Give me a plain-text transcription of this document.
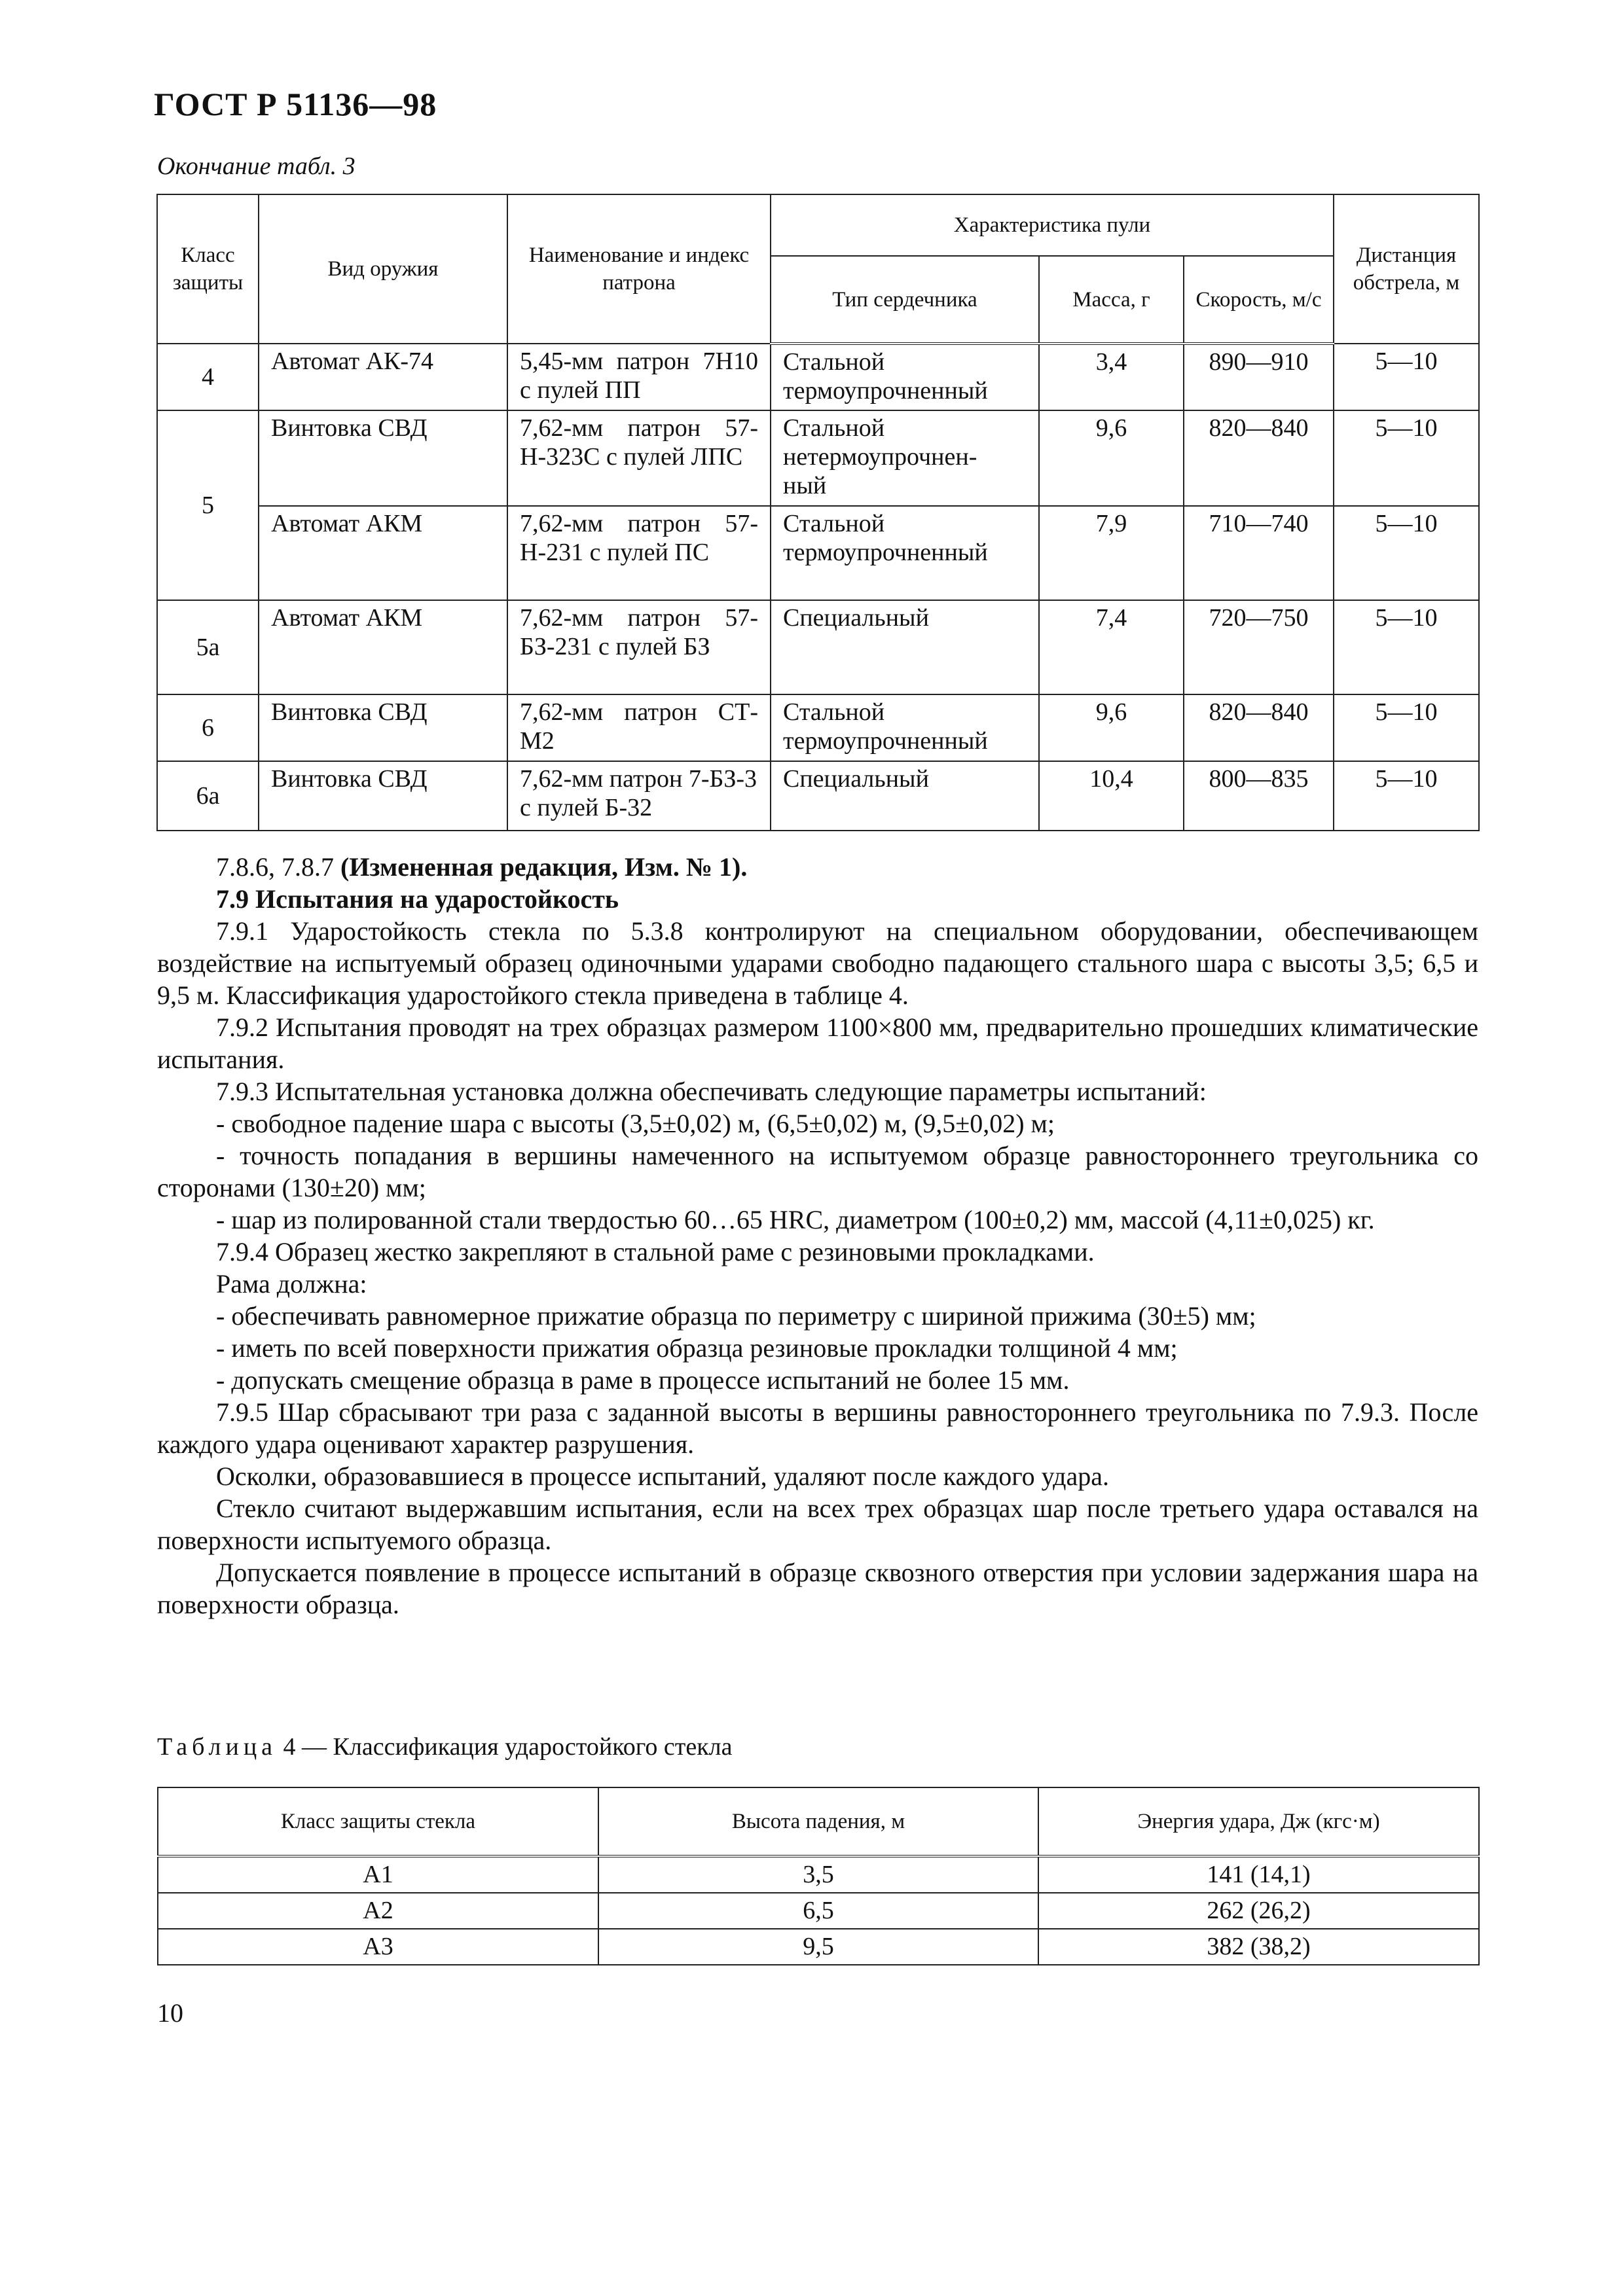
ГОСТ Р 51136—98
Окончание табл. 3
Класс защиты	Вид оружия	Наименование и индекс патрона	Характеристика пули			Дистанция обстрела, м
			Тип сердечника	Масса, г	Скорость, м/с	
4	Автомат АК-74	5,45-мм патрон 7Н10 с пулей ПП	Стальной термоупрочненный	3,4	890—910	5—10
5	Винтовка СВД	7,62-мм патрон 57-Н-323С с пулей ЛПС	Стальной нетермоупрочнен- ный	9,6	820—840	5—10
	Автомат АКМ	7,62-мм патрон 57-Н-231 с пулей ПС	Стальной термоупрочненный	7,9	710—740	5—10
5а	Автомат АКМ	7,62-мм патрон 57-БЗ-231 с пулей БЗ	Специальный	7,4	720—750	5—10
6	Винтовка СВД	7,62-мм патрон СТ-М2	Стальной термоупрочненный	9,6	820—840	5—10
6а	Винтовка СВД	7,62-мм патрон 7-БЗ-3 с пулей Б-32	Специальный	10,4	800—835	5—10

7.8.6, 7.8.7 (Измененная редакция, Изм. № 1).

7.9 Испытания на ударостойкость

7.9.1 Ударостойкость стекла по 5.3.8 контролируют на специальном оборудовании, обеспечивающем воздействие на испытуемый образец одиночными ударами свободно падающего стального шара с высоты 3,5; 6,5 и 9,5 м. Классификация ударостойкого стекла приведена в таблице 4.

7.9.2 Испытания проводят на трех образцах размером 1100×800 мм, предварительно прошедших климатические испытания.

7.9.3 Испытательная установка должна обеспечивать следующие параметры испытаний:

- свободное падение шара с высоты (3,5±0,02) м, (6,5±0,02) м, (9,5±0,02) м;

- точность попадания в вершины намеченного на испытуемом образце равностороннего треугольника со сторонами (130±20) мм;

- шар из полированной стали твердостью 60…65 HRC, диаметром (100±0,2) мм, массой (4,11±0,025) кг.

7.9.4 Образец жестко закрепляют в стальной раме с резиновыми прокладками.

Рама должна:

- обеспечивать равномерное прижатие образца по периметру с шириной прижима (30±5) мм;

- иметь по всей поверхности прижатия образца резиновые прокладки толщиной 4 мм;

- допускать смещение образца в раме в процессе испытаний не более 15 мм.

7.9.5 Шар сбрасывают три раза с заданной высоты в вершины равностороннего треугольника по 7.9.3. После каждого удара оценивают характер разрушения.

Осколки, образовавшиеся в процессе испытаний, удаляют после каждого удара.

Стекло считают выдержавшим испытания, если на всех трех образцах шар после третьего удара оставался на поверхности испытуемого образца.

Допускается появление в процессе испытаний в образце сквозного отверстия при условии задержания шара на поверхности образца.

Таблица 4 — Классификация ударостойкого стекла
Класс защиты стекла	Высота падения, м	Энергия удара, Дж (кгс·м)
А1	3,5	141 (14,1)
А2	6,5	262 (26,2)
А3	9,5	382 (38,2)
10
